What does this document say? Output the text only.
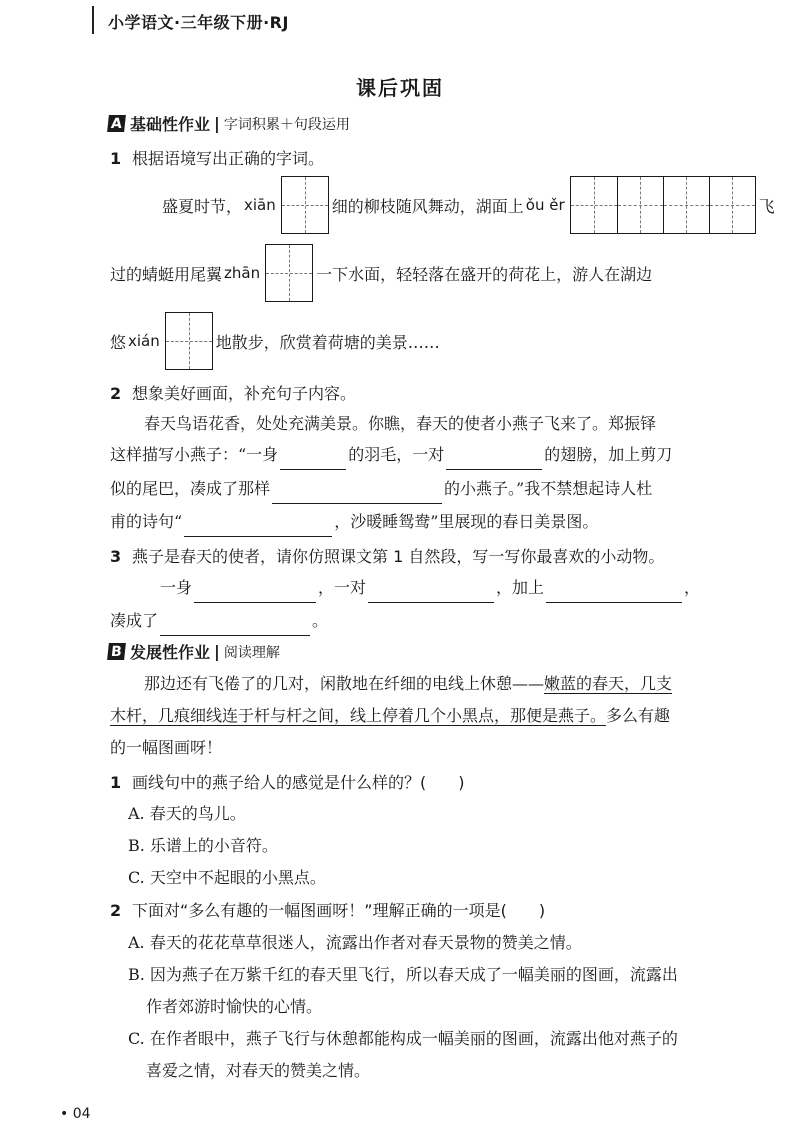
小学语文·三年级下册·RJ
课后巩固
A 基础性作业 | 字词积累＋句段运用
1 根据语境写出正确的字词。
盛夏时节， xiān	细的柳枝随风舞动，湖面上 ǒu ěr	飞
过的蜻蜓用尾翼 zhān	一下水面，轻轻落在盛开的荷花上，游人在湖边
悠 xián	地散步，欣赏着荷塘的美景……
2 想象美好画面，补充句子内容。
春天鸟语花香，处处充满美景。你瞧，春天的使者小燕子飞来了。郑振铎
这样描写小燕子：“一身	的羽毛，一对	的翅膀，加上剪刀
似的尾巴，凑成了那样	的小燕子。”我不禁想起诗人杜
甫的诗句“	，沙暖睡鸳鸯”里展现的春日美景图。
3 燕子是春天的使者，请你仿照课文第 1 自然段，写一写你最喜欢的小动物。
一身	，一对	，加上	，
凑成了	。
B 发展性作业 | 阅读理解
那边还有飞倦了的几对，闲散地在纤细的电线上休憩——嫩蓝的春天，几支
木杆，几痕细线连于杆与杆之间，线上停着几个小黑点，那便是燕子。多么有趣
的一幅图画呀！
1 画线句中的燕子给人的感觉是什么样的？(　　)
A. 春天的鸟儿。
B. 乐谱上的小音符。
C. 天空中不起眼的小黑点。
2 下面对“多么有趣的一幅图画呀！”理解正确的一项是(　　)
A. 春天的花花草草很迷人，流露出作者对春天景物的赞美之情。
B. 因为燕子在万紫千红的春天里飞行，所以春天成了一幅美丽的图画，流露出
作者郊游时愉快的心情。
C. 在作者眼中，燕子飞行与休憩都能构成一幅美丽的图画，流露出他对燕子的
喜爱之情，对春天的赞美之情。
• 04
